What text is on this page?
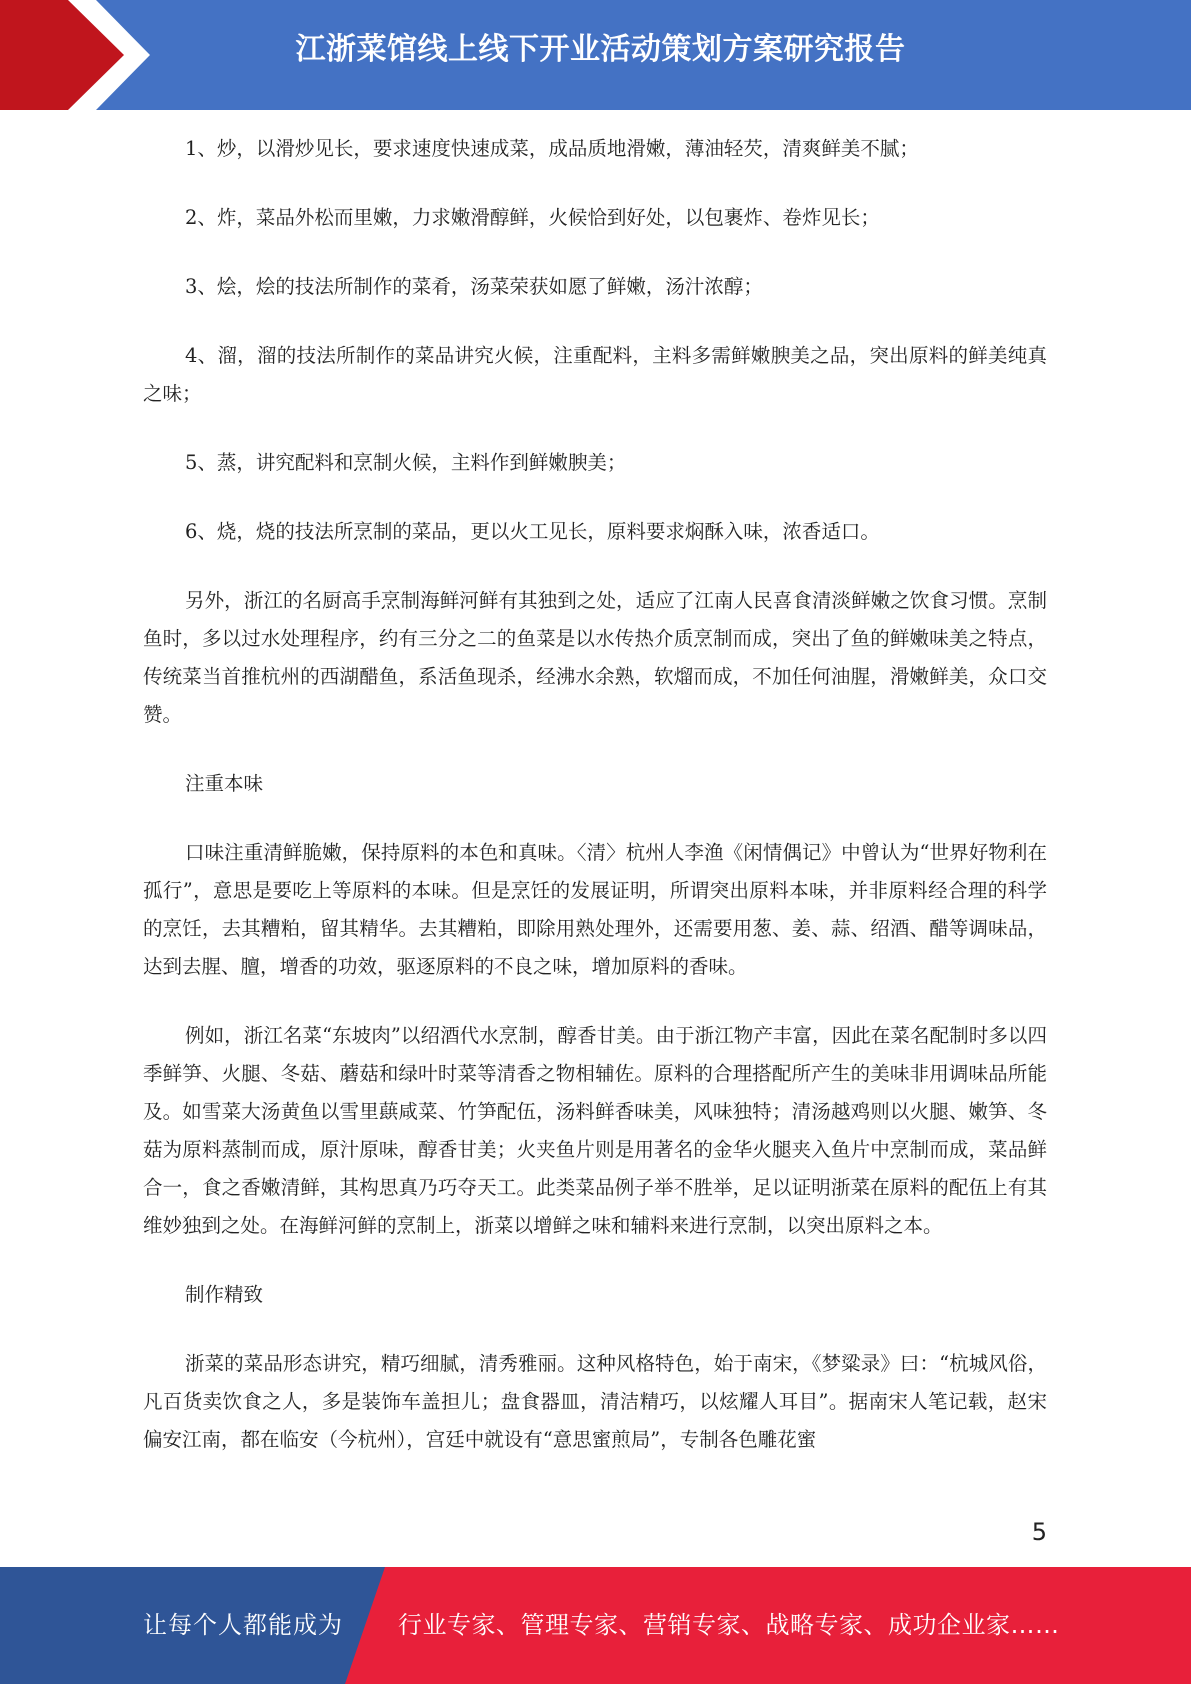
江浙菜馆线上线下开业活动策划方案研究报告

1、炒，以滑炒见长，要求速度快速成菜，成品质地滑嫩，薄油轻芡，清爽鲜美不腻；

2、炸，菜品外松而里嫩，力求嫩滑醇鲜，火候恰到好处，以包裹炸、卷炸见长；

3、烩，烩的技法所制作的菜肴，汤菜荣获如愿了鲜嫩，汤汁浓醇；

4、溜，溜的技法所制作的菜品讲究火候，注重配料，主料多需鲜嫩腴美之品，突出原料的鲜美纯真之味；

5、蒸，讲究配料和烹制火候，主料作到鲜嫩腴美；

6、烧，烧的技法所烹制的菜品，更以火工见长，原料要求焖酥入味，浓香适口。

另外，浙江的名厨高手烹制海鲜河鲜有其独到之处，适应了江南人民喜食清淡鲜嫩之饮食习惯。烹制鱼时，多以过水处理程序，约有三分之二的鱼菜是以水传热介质烹制而成，突出了鱼的鲜嫩味美之特点，传统菜当首推杭州的西湖醋鱼，系活鱼现杀，经沸水余熟，软熘而成，不加任何油腥，滑嫩鲜美，众口交赞。

注重本味

口味注重清鲜脆嫩，保持原料的本色和真味。〈清〉杭州人李渔《闲情偶记》中曾认为“世界好物利在孤行”，意思是要吃上等原料的本味。但是烹饪的发展证明，所谓突出原料本味，并非原料经合理的科学的烹饪，去其糟粕，留其精华。去其糟粕，即除用熟处理外，还需要用葱、姜、蒜、绍酒、醋等调味品，达到去腥、膻，增香的功效，驱逐原料的不良之味，增加原料的香味。

例如，浙江名菜“东坡肉”以绍酒代水烹制，醇香甘美。由于浙江物产丰富，因此在菜名配制时多以四季鲜笋、火腿、冬菇、蘑菇和绿叶时菜等清香之物相辅佐。原料的合理搭配所产生的美味非用调味品所能及。如雪菜大汤黄鱼以雪里蕻咸菜、竹笋配伍，汤料鲜香味美，风味独特；清汤越鸡则以火腿、嫩笋、冬菇为原料蒸制而成，原汁原味，醇香甘美；火夹鱼片则是用著名的金华火腿夹入鱼片中烹制而成，菜品鲜合一，食之香嫩清鲜，其构思真乃巧夺天工。此类菜品例子举不胜举，足以证明浙菜在原料的配伍上有其维妙独到之处。在海鲜河鲜的烹制上，浙菜以增鲜之味和辅料来进行烹制，以突出原料之本。

制作精致

浙菜的菜品形态讲究，精巧细腻，清秀雅丽。这种风格特色，始于南宋，《梦粱录》曰：“杭城风俗，凡百货卖饮食之人，多是装饰车盖担儿；盘食器皿，清洁精巧，以炫耀人耳目”。据南宋人笔记载，赵宋偏安江南，都在临安（今杭州），宫廷中就设有“意思蜜煎局”，专制各色雕花蜜

5
让每个人都能成为 行业专家、管理专家、营销专家、战略专家、成功企业家……
